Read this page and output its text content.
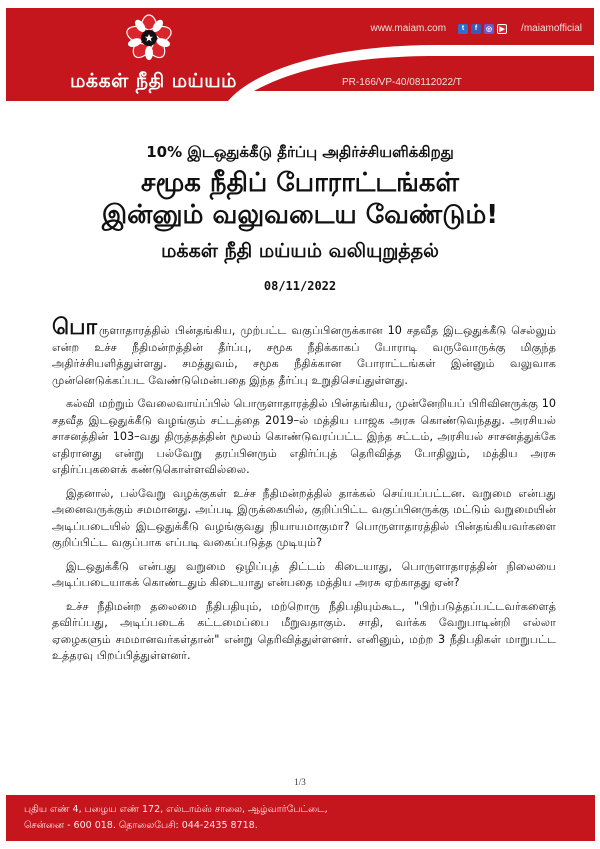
மக்கள் நீதி மய்யம்
www.maiam.com	t	f	◎	▶ /maiamofficial
PR-166/VP-40/08112022/T

10% இடஒதுக்கீடு தீர்ப்பு அதிர்ச்சியளிக்கிறது

சமூக நீதிப் போராட்டங்கள்
இன்னும் வலுவடைய வேண்டும்!

மக்கள் நீதி மய்யம் வலியுறுத்தல்

08/11/2022

பொருளாதாரத்தில் பின்தங்கிய, முற்பட்ட வகுப்பினருக்கான 10 சதவீத இடஒதுக்கீடு செல்லும் என்ற உச்ச நீதிமன்றத்தின் தீர்ப்பு, சமூக நீதிக்காகப் போராடி வருவோருக்கு மிகுந்த அதிர்ச்சியளித்துள்ளது. சமத்துவம், சமூக நீதிக்கான போராட்டங்கள் இன்னும் வலுவாக முன்னெடுக்கப்பட வேண்டுமென்பதை இந்த தீர்ப்பு உறுதிசெய்துள்ளது.

கல்வி மற்றும் வேலைவாய்ப்பில் பொருளாதாரத்தில் பின்தங்கிய, முன்னேறியப் பிரிவினருக்கு 10 சதவீத இடஒதுக்கீடு வழங்கும் சட்டத்தை 2019–ல் மத்திய பாஜக அரசு கொண்டுவந்தது. அரசியல் சாசனத்தின் 103–வது திருத்தத்தின் மூலம் கொண்டுவரப்பட்ட இந்த சட்டம், அரசியல் சாசனத்துக்கே எதிரானது என்று பல்வேறு தரப்பினரும் எதிர்ப்புத் தெரிவித்த போதிலும், மத்திய அரசு எதிர்ப்புகளைக் கண்டுகொள்ளவில்லை.

இதனால், பல்வேறு வழக்குகள் உச்ச நீதிமன்றத்தில் தாக்கல் செய்யப்பட்டன. வறுமை என்பது அனைவருக்கும் சமமானது. அப்படி இருக்கையில், குறிப்பிட்ட வகுப்பினருக்கு மட்டும் வறுமையின் அடிப்படையில் இடஒதுக்கீடு வழங்குவது நியாயமாகுமா? பொருளாதாரத்தில் பின்தங்கியவர்களை குறிப்பிட்ட வகுப்பாக எப்படி வகைப்படுத்த முடியும்?

இடஒதுக்கீடு என்பது வறுமை ஒழிப்புத் திட்டம் கிடையாது, பொருளாதாரத்தின் நிலையை அடிப்படையாகக் கொண்டதும் கிடையாது என்பதை மத்திய அரசு ஏற்காதது ஏன்?

உச்ச நீதிமன்ற தலைமை நீதிபதியும், மற்றொரு நீதிபதியும்கூட, "பிற்படுத்தப்பட்டவர்களைத் தவிர்ப்பது, அடிப்படைக் கட்டமைப்பை மீறுவதாகும். சாதி, வர்க்க வேறுபாடின்றி எல்லா ஏழைகளும் சமமானவர்கள்தான்" என்று தெரிவித்துள்ளனர். எனினும், மற்ற 3 நீதிபதிகள் மாறுபட்ட உத்தரவு பிறப்பித்துள்ளனர்.

1/3
புதிய எண் 4, பழைய எண் 172, எல்டாம்ஸ் சாலை, ஆழ்வார்பேட்டை,
சென்னை - 600 018. தொலைபேசி: 044-2435 8718.
